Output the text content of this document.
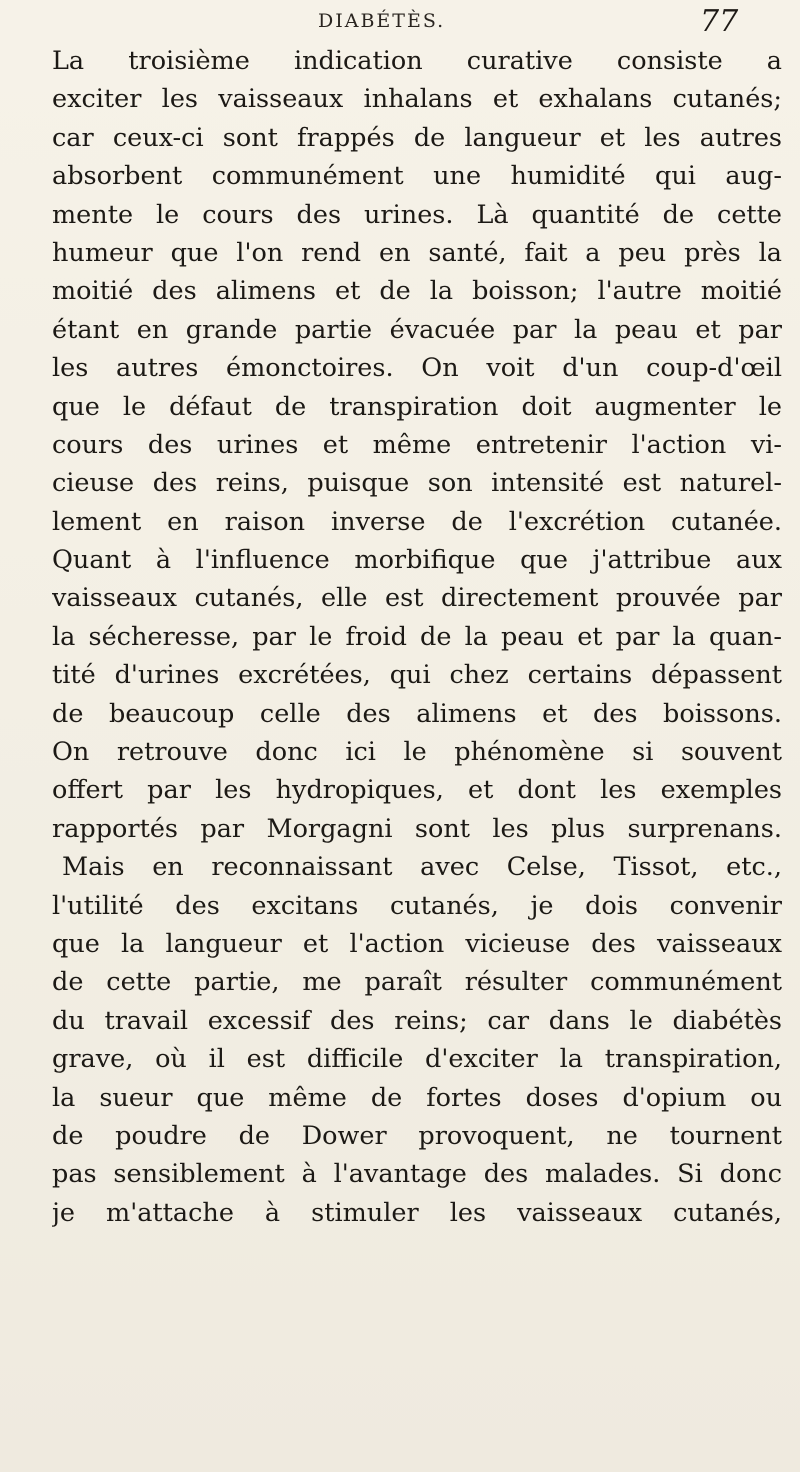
DIABÉTÈS.	77
La troisième indication curative consiste a
exciter les vaisseaux inhalans et exhalans cutanés;
car ceux-ci sont frappés de langueur et les autres
absorbent communément une humidité qui aug-
mente le cours des urines. Là quantité de cette
humeur que l'on rend en santé, fait a peu près la
moitié des alimens et de la boisson; l'autre moitié
étant en grande partie évacuée par la peau et par
les autres émonctoires. On voit d'un coup-d'œil
que le défaut de transpiration doit augmenter le
cours des urines et même entretenir l'action vi-
cieuse des reins, puisque son intensité est naturel-
lement en raison inverse de l'excrétion cutanée.
Quant à l'influence morbifique que j'attribue aux
vaisseaux cutanés, elle est directement prouvée par
la sécheresse, par le froid de la peau et par la quan-
tité d'urines excrétées, qui chez certains dépassent
de beaucoup celle des alimens et des boissons.
On retrouve donc ici le phénomène si souvent
offert par les hydropiques, et dont les exemples
rapportés par Morgagni sont les plus surprenans.
Mais en reconnaissant avec Celse, Tissot, etc.,
l'utilité des excitans cutanés, je dois convenir
que la langueur et l'action vicieuse des vaisseaux
de cette partie, me paraît résulter communément
du travail excessif des reins; car dans le diabétès
grave, où il est difficile d'exciter la transpiration,
la sueur que même de fortes doses d'opium ou
de poudre de Dower provoquent, ne tournent
pas sensiblement à l'avantage des malades. Si donc
je m'attache à stimuler les vaisseaux cutanés,
